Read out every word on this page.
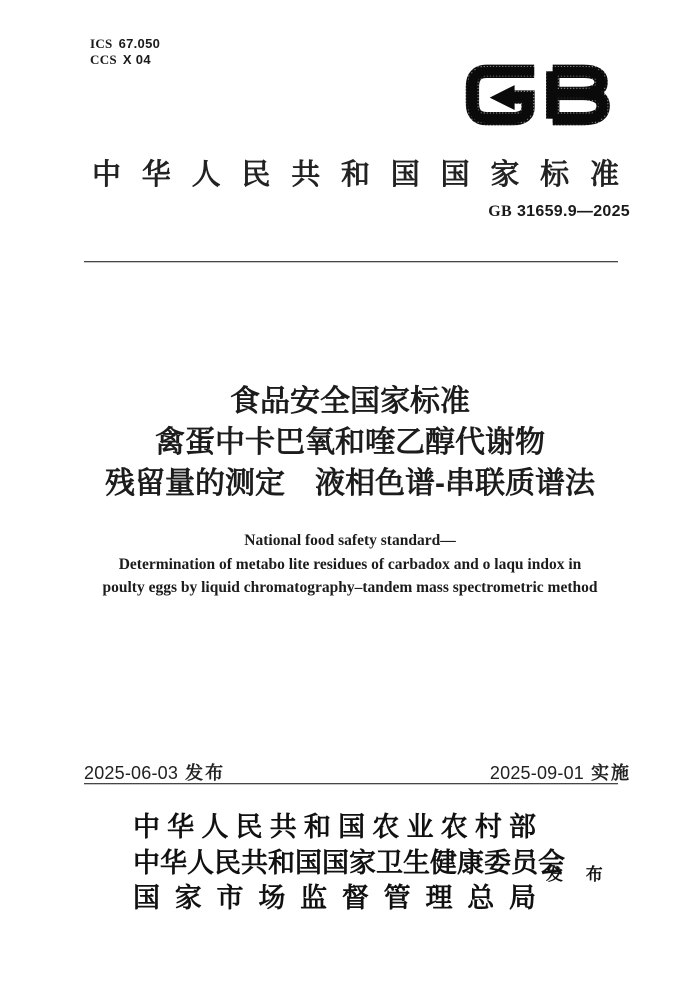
ICS 67.050
CCS X 04
中华人民共和国国家标准
GB 31659.9—2025
食品安全国家标准
禽蛋中卡巴氧和喹乙醇代谢物
残留量的测定　液相色谱-串联质谱法
National food safety standard—
Determination of metabo lite residues of carbadox and o laqu indox in
poulty eggs by liquid chromatography–tandem mass spectrometric method
2025-06-03 发布	2025-09-01 实施
中华人民共和国农业农村部
中华人民共和国国家卫生健康委员会
国家市场监督管理总局
发 布
